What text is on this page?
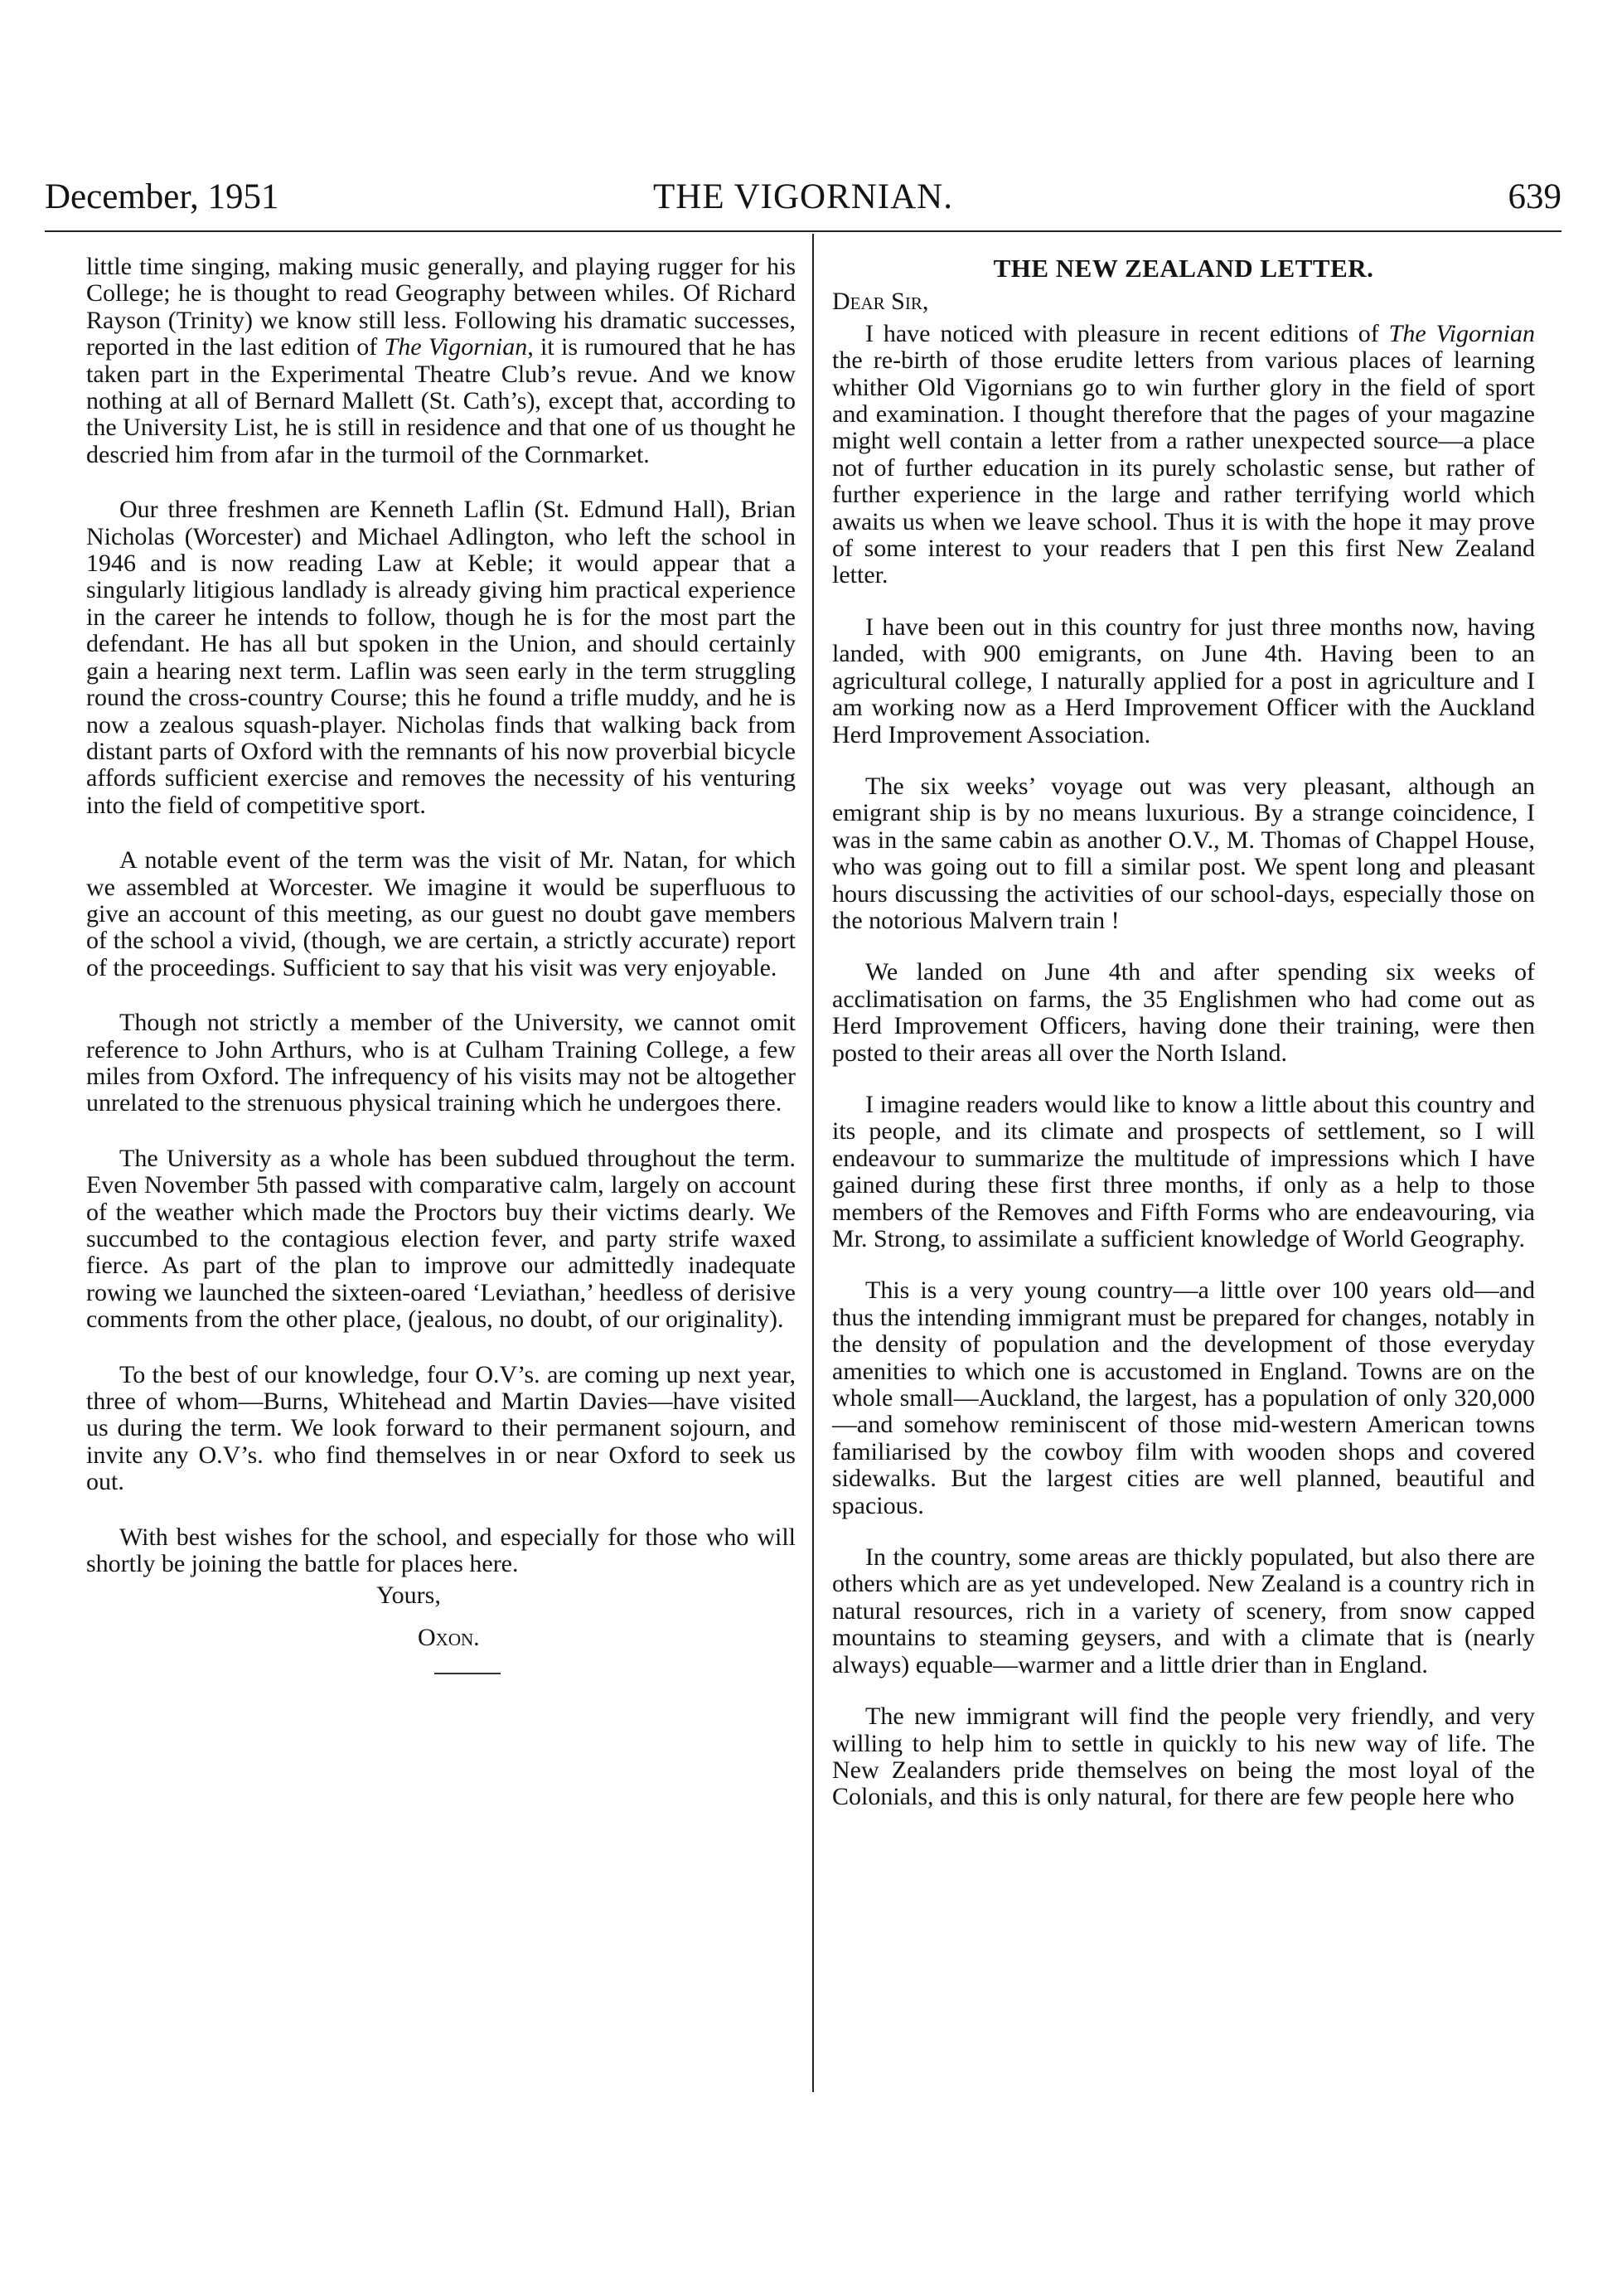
December, 1951	THE VIGORNIAN.	639

little time singing, making music generally, and playing rugger for his College; he is thought to read Geography between whiles. Of Richard Rayson (Trinity) we know still less. Following his dramatic successes, reported in the last edition of The Vigornian, it is rumoured that he has taken part in the Experimental Theatre Club’s revue. And we know nothing at all of Bernard Mallett (St. Cath’s), except that, according to the University List, he is still in residence and that one of us thought he descried him from afar in the turmoil of the Cornmarket.

Our three freshmen are Kenneth Laflin (St. Edmund Hall), Brian Nicholas (Worcester) and Michael Adlington, who left the school in 1946 and is now reading Law at Keble; it would appear that a singularly litigious landlady is already giving him practical experience in the career he intends to follow, though he is for the most part the defendant. He has all but spoken in the Union, and should certainly gain a hearing next term. Laflin was seen early in the term struggling round the cross-country Course; this he found a trifle muddy, and he is now a zealous squash-player. Nicholas finds that walking back from distant parts of Oxford with the remnants of his now proverbial bicycle affords sufficient exercise and removes the necessity of his venturing into the field of competitive sport.

A notable event of the term was the visit of Mr. Natan, for which we assembled at Worcester. We imagine it would be superfluous to give an account of this meeting, as our guest no doubt gave members of the school a vivid, (though, we are certain, a strictly accurate) report of the proceedings. Sufficient to say that his visit was very enjoyable.

Though not strictly a member of the University, we cannot omit reference to John Arthurs, who is at Culham Training College, a few miles from Oxford. The infrequency of his visits may not be altogether unrelated to the strenuous physical training which he undergoes there.

The University as a whole has been subdued throughout the term. Even November 5th passed with comparative calm, largely on account of the weather which made the Proctors buy their victims dearly. We succumbed to the contagious election fever, and party strife waxed fierce. As part of the plan to improve our admittedly inadequate rowing we launched the sixteen-oared ‘Leviathan,’ heedless of derisive comments from the other place, (jealous, no doubt, of our originality).

To the best of our knowledge, four O.V’s. are coming up next year, three of whom—Burns, Whitehead and Martin Davies—have visited us during the term. We look forward to their permanent sojourn, and invite any O.V’s. who find themselves in or near Oxford to seek us out.

With best wishes for the school, and especially for those who will shortly be joining the battle for places here.

Yours,
Oxon.
THE NEW ZEALAND LETTER.
Dear Sir,

I have noticed with pleasure in recent editions of The Vigornian the re-birth of those erudite letters from various places of learning whither Old Vigornians go to win further glory in the field of sport and examination. I thought therefore that the pages of your magazine might well contain a letter from a rather unexpected source—a place not of further education in its purely scholastic sense, but rather of further experience in the large and rather terrifying world which awaits us when we leave school. Thus it is with the hope it may prove of some interest to your readers that I pen this first New Zealand letter.

I have been out in this country for just three months now, having landed, with 900 emigrants, on June 4th. Having been to an agricultural college, I naturally applied for a post in agriculture and I am working now as a Herd Improvement Officer with the Auckland Herd Improvement Association.

The six weeks’ voyage out was very pleasant, although an emigrant ship is by no means luxurious. By a strange coincidence, I was in the same cabin as another O.V., M. Thomas of Chappel House, who was going out to fill a similar post. We spent long and pleasant hours discussing the activities of our school-days, especially those on the notorious Malvern train !

We landed on June 4th and after spending six weeks of acclimatisation on farms, the 35 Englishmen who had come out as Herd Improvement Officers, having done their training, were then posted to their areas all over the North Island.

I imagine readers would like to know a little about this country and its people, and its climate and prospects of settlement, so I will endeavour to summarize the multitude of impressions which I have gained during these first three months, if only as a help to those members of the Removes and Fifth Forms who are endeavouring, via Mr. Strong, to assimilate a sufficient knowledge of World Geography.

This is a very young country—a little over 100 years old—and thus the intending immigrant must be prepared for changes, notably in the density of population and the development of those everyday amenities to which one is accustomed in England. Towns are on the whole small—Auckland, the largest, has a population of only 320,000—and somehow reminiscent of those mid-western American towns familiarised by the cowboy film with wooden shops and covered sidewalks. But the largest cities are well planned, beautiful and spacious.

In the country, some areas are thickly populated, but also there are others which are as yet undeveloped. New Zealand is a country rich in natural resources, rich in a variety of scenery, from snow capped mountains to steaming geysers, and with a climate that is (nearly always) equable—warmer and a little drier than in England.

The new immigrant will find the people very friendly, and very willing to help him to settle in quickly to his new way of life. The New Zealanders pride themselves on being the most loyal of the Colonials, and this is only natural, for there are few people here who
